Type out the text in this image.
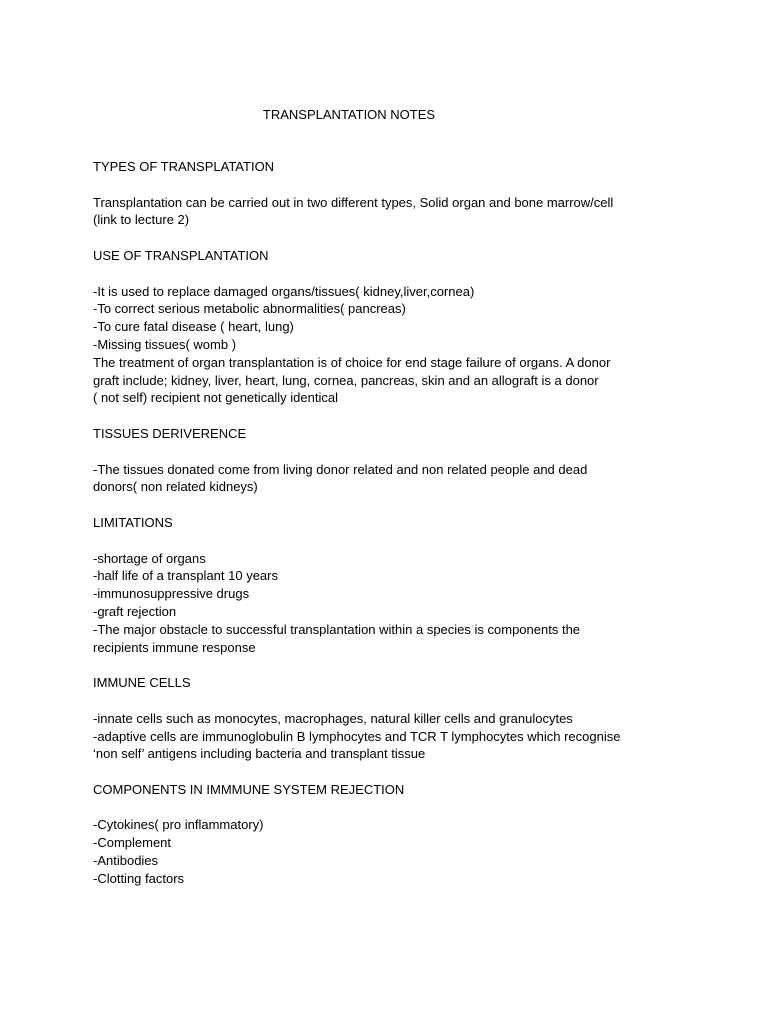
TRANSPLANTATION NOTES
TYPES OF TRANSPLATATION
Transplantation can be carried out in two different types, Solid organ and bone marrow/cell
(link to lecture 2)
USE OF TRANSPLANTATION
-It is used to replace damaged organs/tissues( kidney,liver,cornea)
-To correct serious metabolic abnormalities( pancreas)
-To cure fatal disease ( heart, lung)
-Missing tissues( womb )
The treatment of organ transplantation is of choice for end stage failure of organs. A donor
graft include; kidney, liver, heart, lung, cornea, pancreas, skin and an allograft is a donor
( not self) recipient not genetically identical
TISSUES DERIVERENCE
-The tissues donated come from living donor related and non related people and dead
donors( non related kidneys)
LIMITATIONS
-shortage of organs
-half life of a transplant 10 years
-immunosuppressive drugs
-graft rejection
-The major obstacle to successful transplantation within a species is components the
recipients immune response
IMMUNE CELLS
-innate cells such as monocytes, macrophages, natural killer cells and granulocytes
-adaptive cells are immunoglobulin B lymphocytes and TCR T lymphocytes which recognise
‘non self’ antigens including bacteria and transplant tissue
COMPONENTS IN IMMMUNE SYSTEM REJECTION
-Cytokines( pro inflammatory)
-Complement
-Antibodies
-Clotting factors
